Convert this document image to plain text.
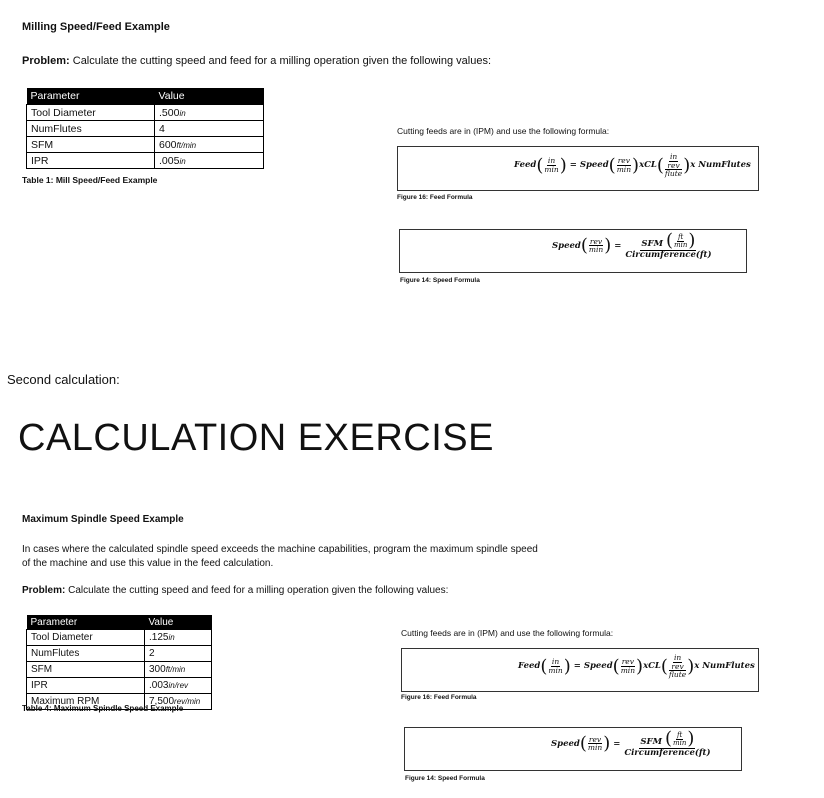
Milling Speed/Feed Example
Problem: Calculate the cutting speed and feed for a milling operation given the following values:
Parameter	Value
Tool Diameter	.500in
NumFlutes	4
SFM	600ft/min
IPR	.005in
Table 1: Mill Speed/Feed Example
Cutting feeds are in (IPM) and use the following formula:
Feed ( in
min
)
=
Speed ( rev
min
) xCL
( in
rev
flute
)
x NumFlutes
Figure 16: Feed Formula
Speed ( rev
min
)
=
SFM
( ft
min
)
Circumference(ft)
Figure 14: Speed Formula
Second calculation:
CALCULATION EXERCISE
Maximum Spindle Speed Example
In cases where the calculated spindle speed exceeds the machine capabilities, program the maximum spindle speed of the machine and use this value in the feed calculation.
Problem: Calculate the cutting speed and feed for a milling operation given the following values:
Parameter	Value
Tool Diameter	.125in
NumFlutes	2
SFM	300ft/min
IPR	.003in/rev
Maximum RPM	7,500rev/min
Table 4: Maximum Spindle Speed Example
Cutting feeds are in (IPM) and use the following formula:
Feed ( in
min
)
=
Speed ( rev
min
) xCL
( in
rev
flute
)
x NumFlutes
Figure 16: Feed Formula
Speed ( rev
min
)
=
SFM
( ft
min
)
Circumference(ft)
Figure 14: Speed Formula
